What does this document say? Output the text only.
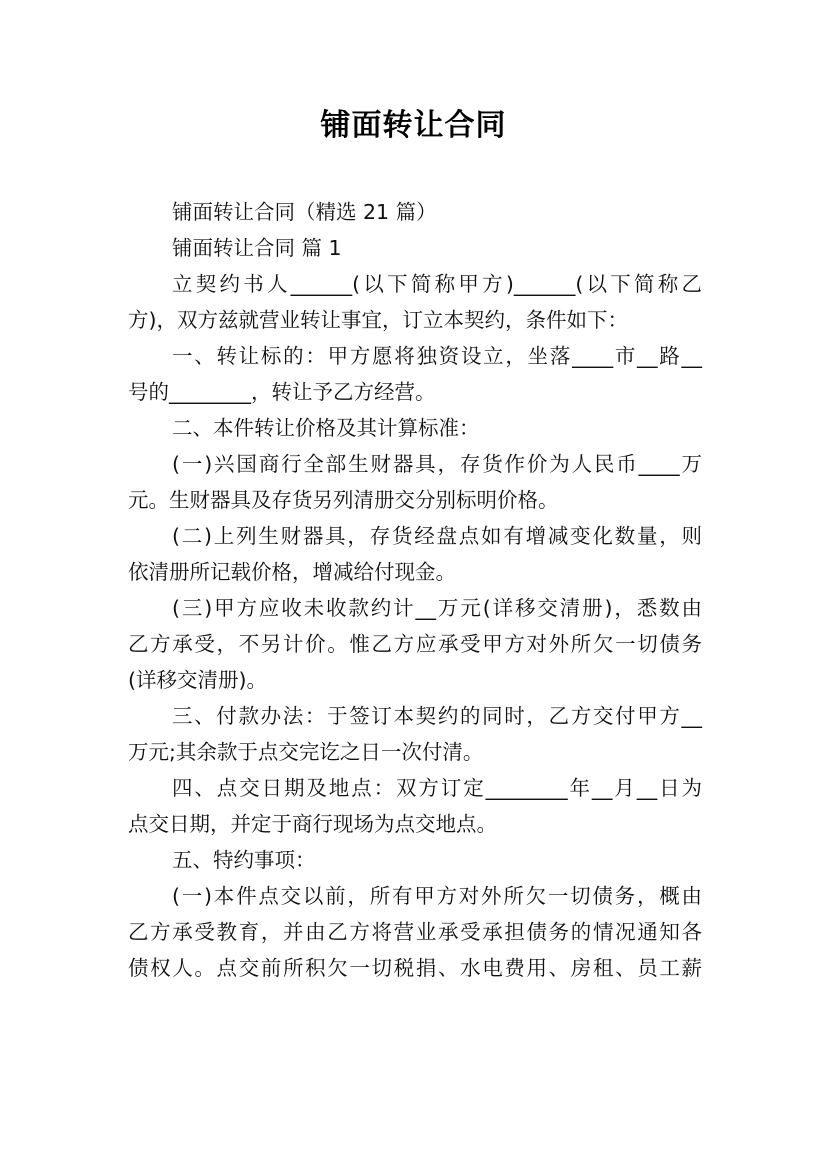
铺面转让合同
铺面转让合同（精选 21 篇）
铺面转让合同 篇 1
立契约书人______(以下简称甲方)______(以下简称乙
方)，双方兹就营业转让事宜，订立本契约，条件如下：
一、转让标的：甲方愿将独资设立，坐落____市__路__
号的________，转让予乙方经营。
二、本件转让价格及其计算标准：
(一)兴国商行全部生财器具，存货作价为人民币____万
元。生财器具及存货另列清册交分别标明价格。
(二)上列生财器具，存货经盘点如有增减变化数量，则
依清册所记载价格，增减给付现金。
(三)甲方应收未收款约计__万元(详移交清册)，悉数由
乙方承受，不另计价。惟乙方应承受甲方对外所欠一切债务
(详移交清册)。
三、付款办法：于签订本契约的同时，乙方交付甲方__
万元;其余款于点交完讫之日一次付清。
四、点交日期及地点：双方订定________年__月__日为
点交日期，并定于商行现场为点交地点。
五、特约事项：
(一)本件点交以前，所有甲方对外所欠一切债务，概由
乙方承受教育，并由乙方将营业承受承担债务的情况通知各
债权人。点交前所积欠一切税捐、水电费用、房租、员工薪
